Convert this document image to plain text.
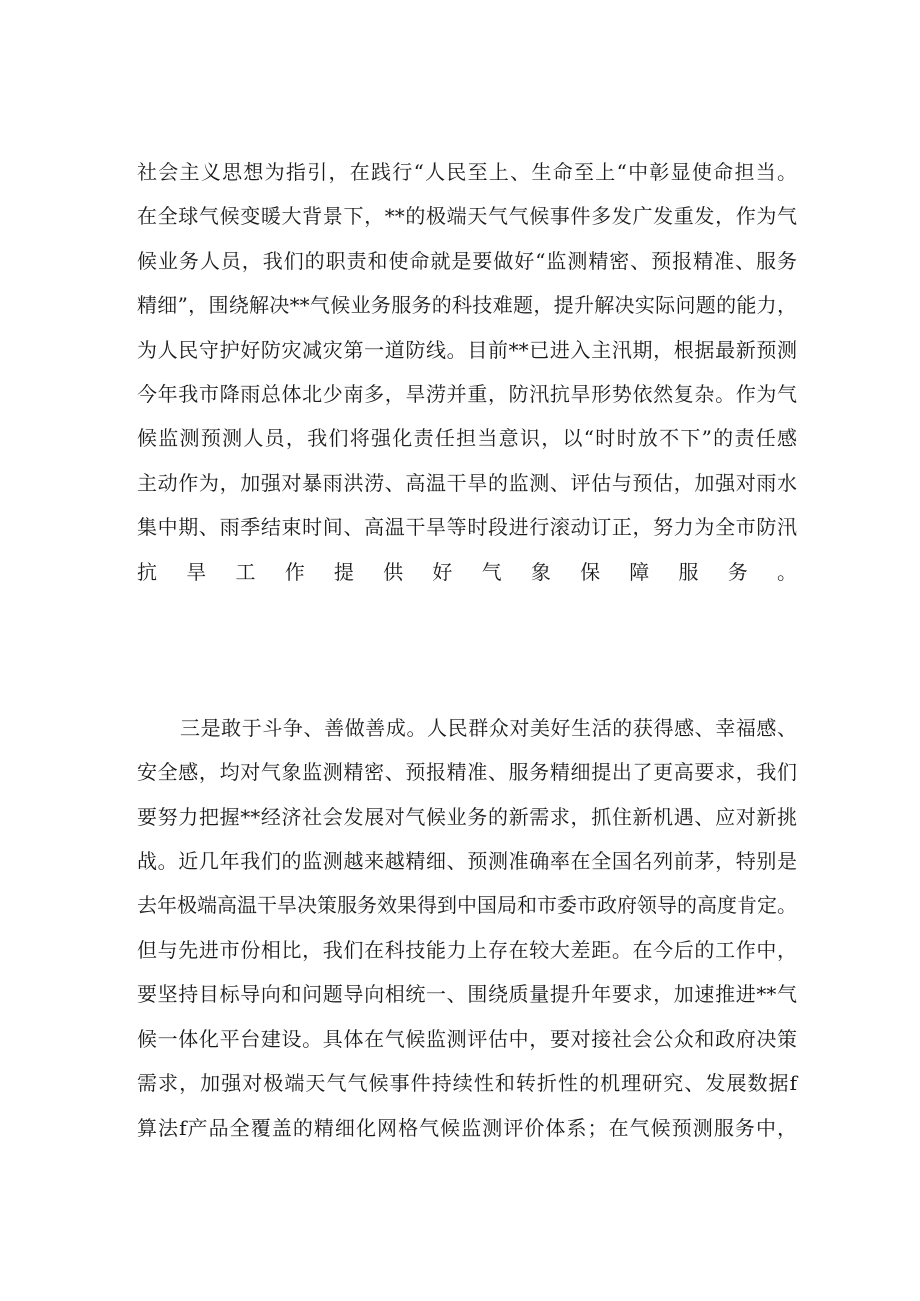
社会主义思想为指引，在践行“人民至上、生命至上“中彰显使命担当。
在全球气候变暖大背景下，**的极端天气气候事件多发广发重发，作为气
候业务人员，我们的职责和使命就是要做好“监测精密、预报精准、服务
精细”，围绕解决**气候业务服务的科技难题，提升解决实际问题的能力，
为人民守护好防灾减灾第一道防线。目前**已进入主汛期，根据最新预测
今年我市降雨总体北少南多，旱涝并重，防汛抗旱形势依然复杂。作为气
候监测预测人员，我们将强化责任担当意识，以“时时放不下”的责任感
主动作为，加强对暴雨洪涝、高温干旱的监测、评估与预估，加强对雨水
集中期、雨季结束时间、高温干旱等时段进行滚动订正，努力为全市防汛
抗旱工作提供好气象保障服务。
三是敢于斗争、善做善成。人民群众对美好生活的获得感、幸福感、
安全感，均对气象监测精密、预报精准、服务精细提出了更高要求，我们
要努力把握**经济社会发展对气候业务的新需求，抓住新机遇、应对新挑
战。近几年我们的监测越来越精细、预测准确率在全国名列前茅，特别是
去年极端高温干旱决策服务效果得到中国局和市委市政府领导的高度肯定。
但与先进市份相比，我们在科技能力上存在较大差距。在今后的工作中，
要坚持目标导向和问题导向相统一、围绕质量提升年要求，加速推进**气
候一体化平台建设。具体在气候监测评估中，要对接社会公众和政府决策
需求，加强对极端天气气候事件持续性和转折性的机理研究、发展数据f
算法f产品全覆盖的精细化网格气候监测评价体系；在气候预测服务中，
